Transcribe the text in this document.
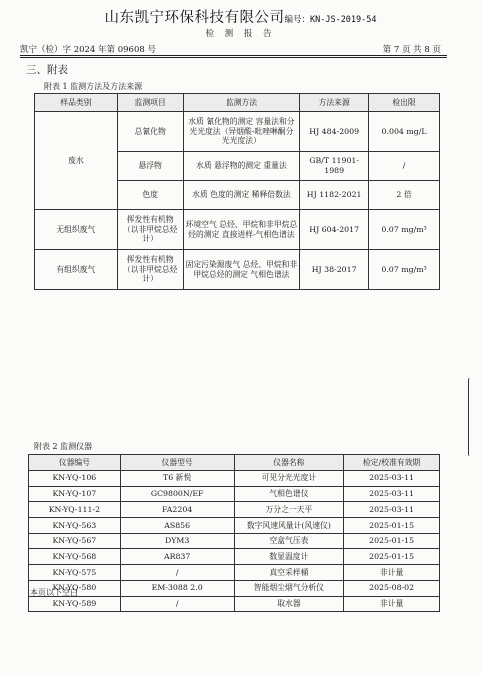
山东凯宁环保科技有限公司编号：KN-JS-2019-54
检 测 报 告
凯宁（检）字 2024 年第 09608 号	第 7 页 共 8 页
三、附表
附表 1 监测方法及方法来源
样品类别	监测项目	监测方法	方法来源	检出限
废水	总氰化物	水质 氰化物的测定 容量法和分光光度法（异烟酸-吡唑啉酮分光光度法）	HJ 484-2009	0.004 mg/L
	悬浮物	水质 悬浮物的测定 重量法	GB/T 11901-1989	/
	色度	水质 色度的测定 稀释倍数法	HJ 1182-2021	2 倍
无组织废气	挥发性有机物（以非甲烷总烃计）	环境空气 总烃、甲烷和非甲烷总烃的测定 直接进样-气相色谱法	HJ 604-2017	0.07 mg/m³
有组织废气	挥发性有机物（以非甲烷总烃计）	固定污染源废气 总烃、甲烷和非甲烷总烃的测定 气相色谱法	HJ 38-2017	0.07 mg/m³
附表 2 监测仪器
仪器编号	仪器型号	仪器名称	检定/校准有效期
KN-YQ-106	T6 新悦	可见分光光度计	2025-03-11
KN-YQ-107	GC9800N/EF	气相色谱仪	2025-03-11
KN-YQ-111-2	FA2204	万分之一天平	2025-03-11
KN-YQ-563	AS856	数字风速风量计(风速仪)	2025-01-15
KN-YQ-567	DYM3	空盒气压表	2025-01-15
KN-YQ-568	AR837	数显温度计	2025-01-15
KN-YQ-575	/	真空采样桶	非计量
KN-YQ-580	EM-3088 2.0	智能烟尘烟气分析仪	2025-08-02
KN-YQ-589	/	取水器	非计量
本页以下空白
